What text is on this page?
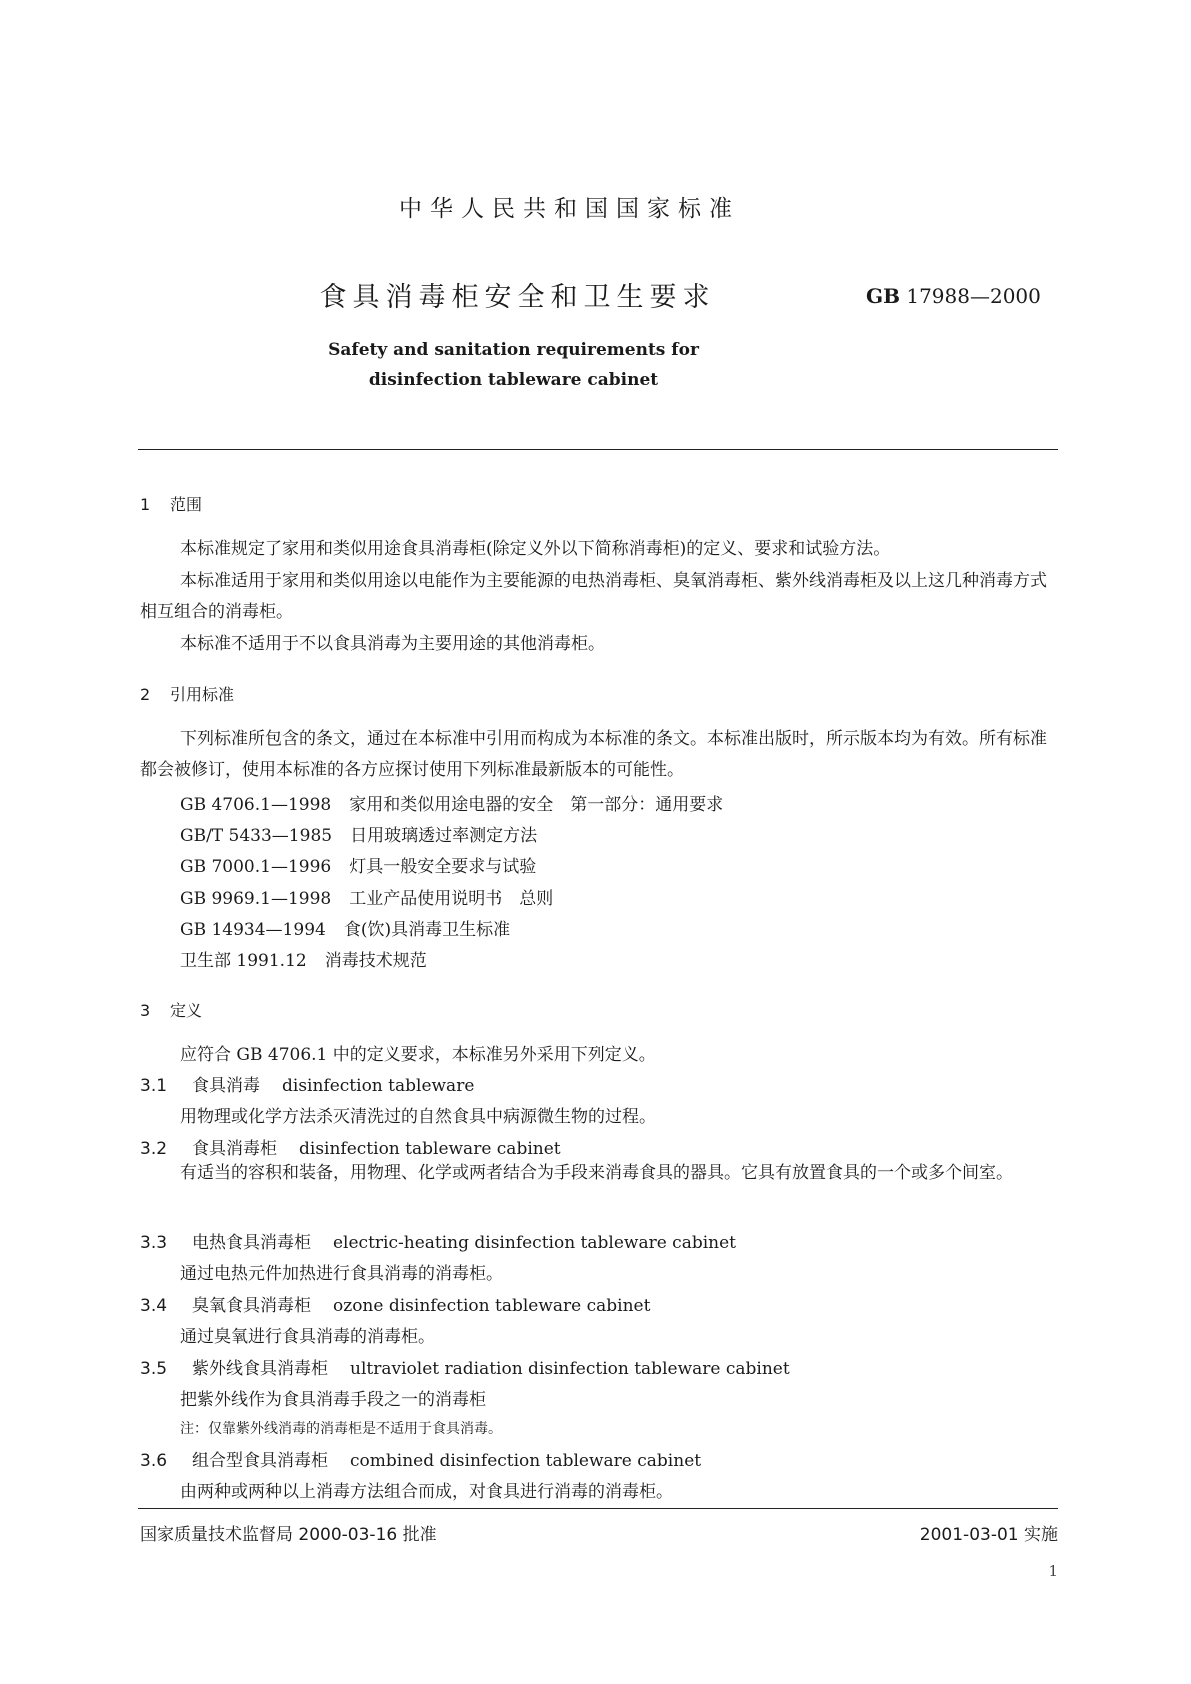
中华人民共和国国家标准
食具消毒柜安全和卫生要求	GB 17988—2000
Safety and sanitation requirements for
disinfection tableware cabinet
1 范围
本标准规定了家用和类似用途食具消毒柜(除定义外以下简称消毒柜)的定义、要求和试验方法。
本标准适用于家用和类似用途以电能作为主要能源的电热消毒柜、臭氧消毒柜、紫外线消毒柜及以上这几种消毒方式相互组合的消毒柜。
本标准不适用于不以食具消毒为主要用途的其他消毒柜。
2 引用标准
下列标准所包含的条文，通过在本标准中引用而构成为本标准的条文。本标准出版时，所示版本均为有效。所有标准都会被修订，使用本标准的各方应探讨使用下列标准最新版本的可能性。
GB 4706.1—1998 家用和类似用途电器的安全　第一部分：通用要求
GB/T 5433—1985 日用玻璃透过率测定方法
GB 7000.1—1996 灯具一般安全要求与试验
GB 9969.1—1998 工业产品使用说明书　总则
GB 14934—1994 食(饮)具消毒卫生标准
卫生部 1991.12 消毒技术规范
3 定义
应符合 GB 4706.1 中的定义要求，本标准另外采用下列定义。
3.1 食具消毒 disinfection tableware
用物理或化学方法杀灭清洗过的自然食具中病源微生物的过程。
3.2 食具消毒柜 disinfection tableware cabinet
有适当的容积和装备，用物理、化学或两者结合为手段来消毒食具的器具。它具有放置食具的一个或多个间室。
3.3 电热食具消毒柜 electric-heating disinfection tableware cabinet
通过电热元件加热进行食具消毒的消毒柜。
3.4 臭氧食具消毒柜 ozone disinfection tableware cabinet
通过臭氧进行食具消毒的消毒柜。
3.5 紫外线食具消毒柜 ultraviolet radiation disinfection tableware cabinet
把紫外线作为食具消毒手段之一的消毒柜
注：仅靠紫外线消毒的消毒柜是不适用于食具消毒。
3.6 组合型食具消毒柜 combined disinfection tableware cabinet
由两种或两种以上消毒方法组合而成，对食具进行消毒的消毒柜。
国家质量技术监督局 2000-03-16 批准	2001-03-01 实施
1
